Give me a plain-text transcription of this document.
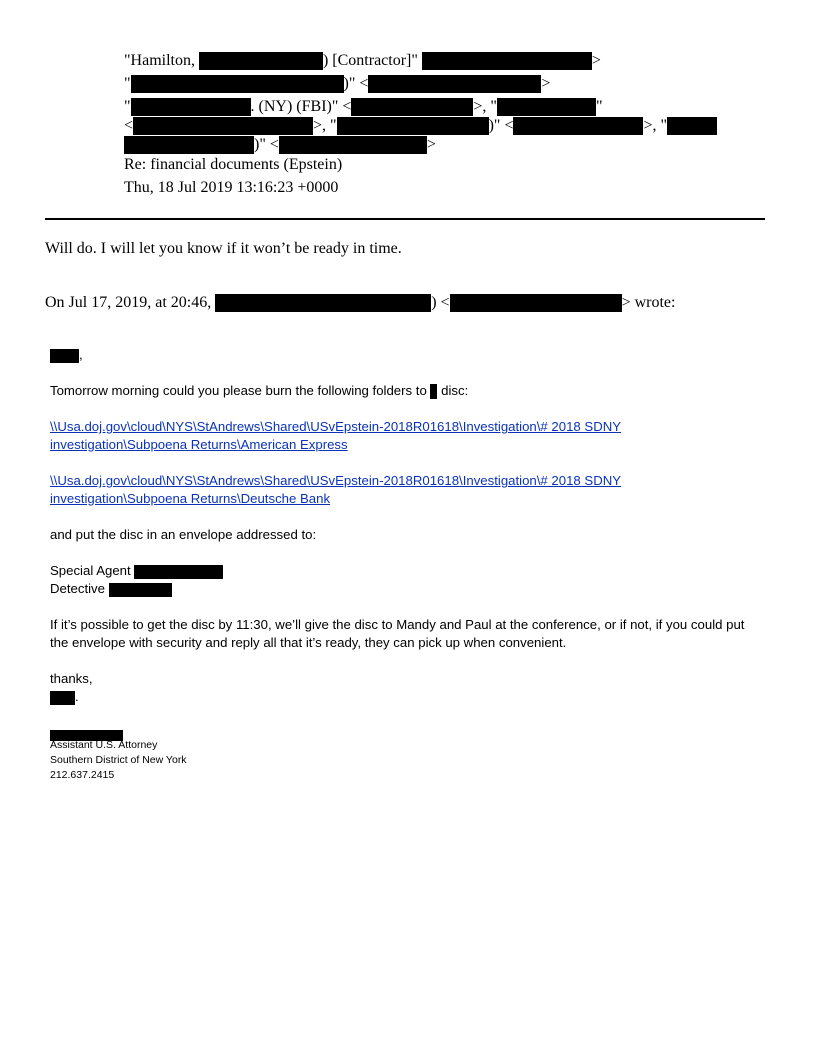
"Hamilton,	) [Contractor]"	>
"	)" <	>
"	. (NY) (FBI)" <	>, "	"
<	>, "	)" <	>, "
)" <	>
Re: financial documents (Epstein)
Thu, 18 Jul 2019 13:16:23 +0000
Will do. I will let you know if it won’t be ready in time.
On Jul 17, 2019, at 20:46,	) <	> wrote:
,
Tomorrow morning could you please burn the following folders to  disc:
\\Usa.doj.gov\cloud\NYS\StAndrews\Shared\USvEpstein-2018R01618\Investigation\# 2018 SDNY
investigation\Subpoena Returns\American Express
\\Usa.doj.gov\cloud\NYS\StAndrews\Shared\USvEpstein-2018R01618\Investigation\# 2018 SDNY
investigation\Subpoena Returns\Deutsche Bank
and put the disc in an envelope addressed to:
Special Agent
Detective
If it’s possible to get the disc by 11:30, we’ll give the disc to Mandy and Paul at the conference, or if not, if you could put
the envelope with security and reply all that it’s ready, they can pick up when convenient.
thanks,
.
Assistant U.S. Attorney
Southern District of New York
212.637.2415
